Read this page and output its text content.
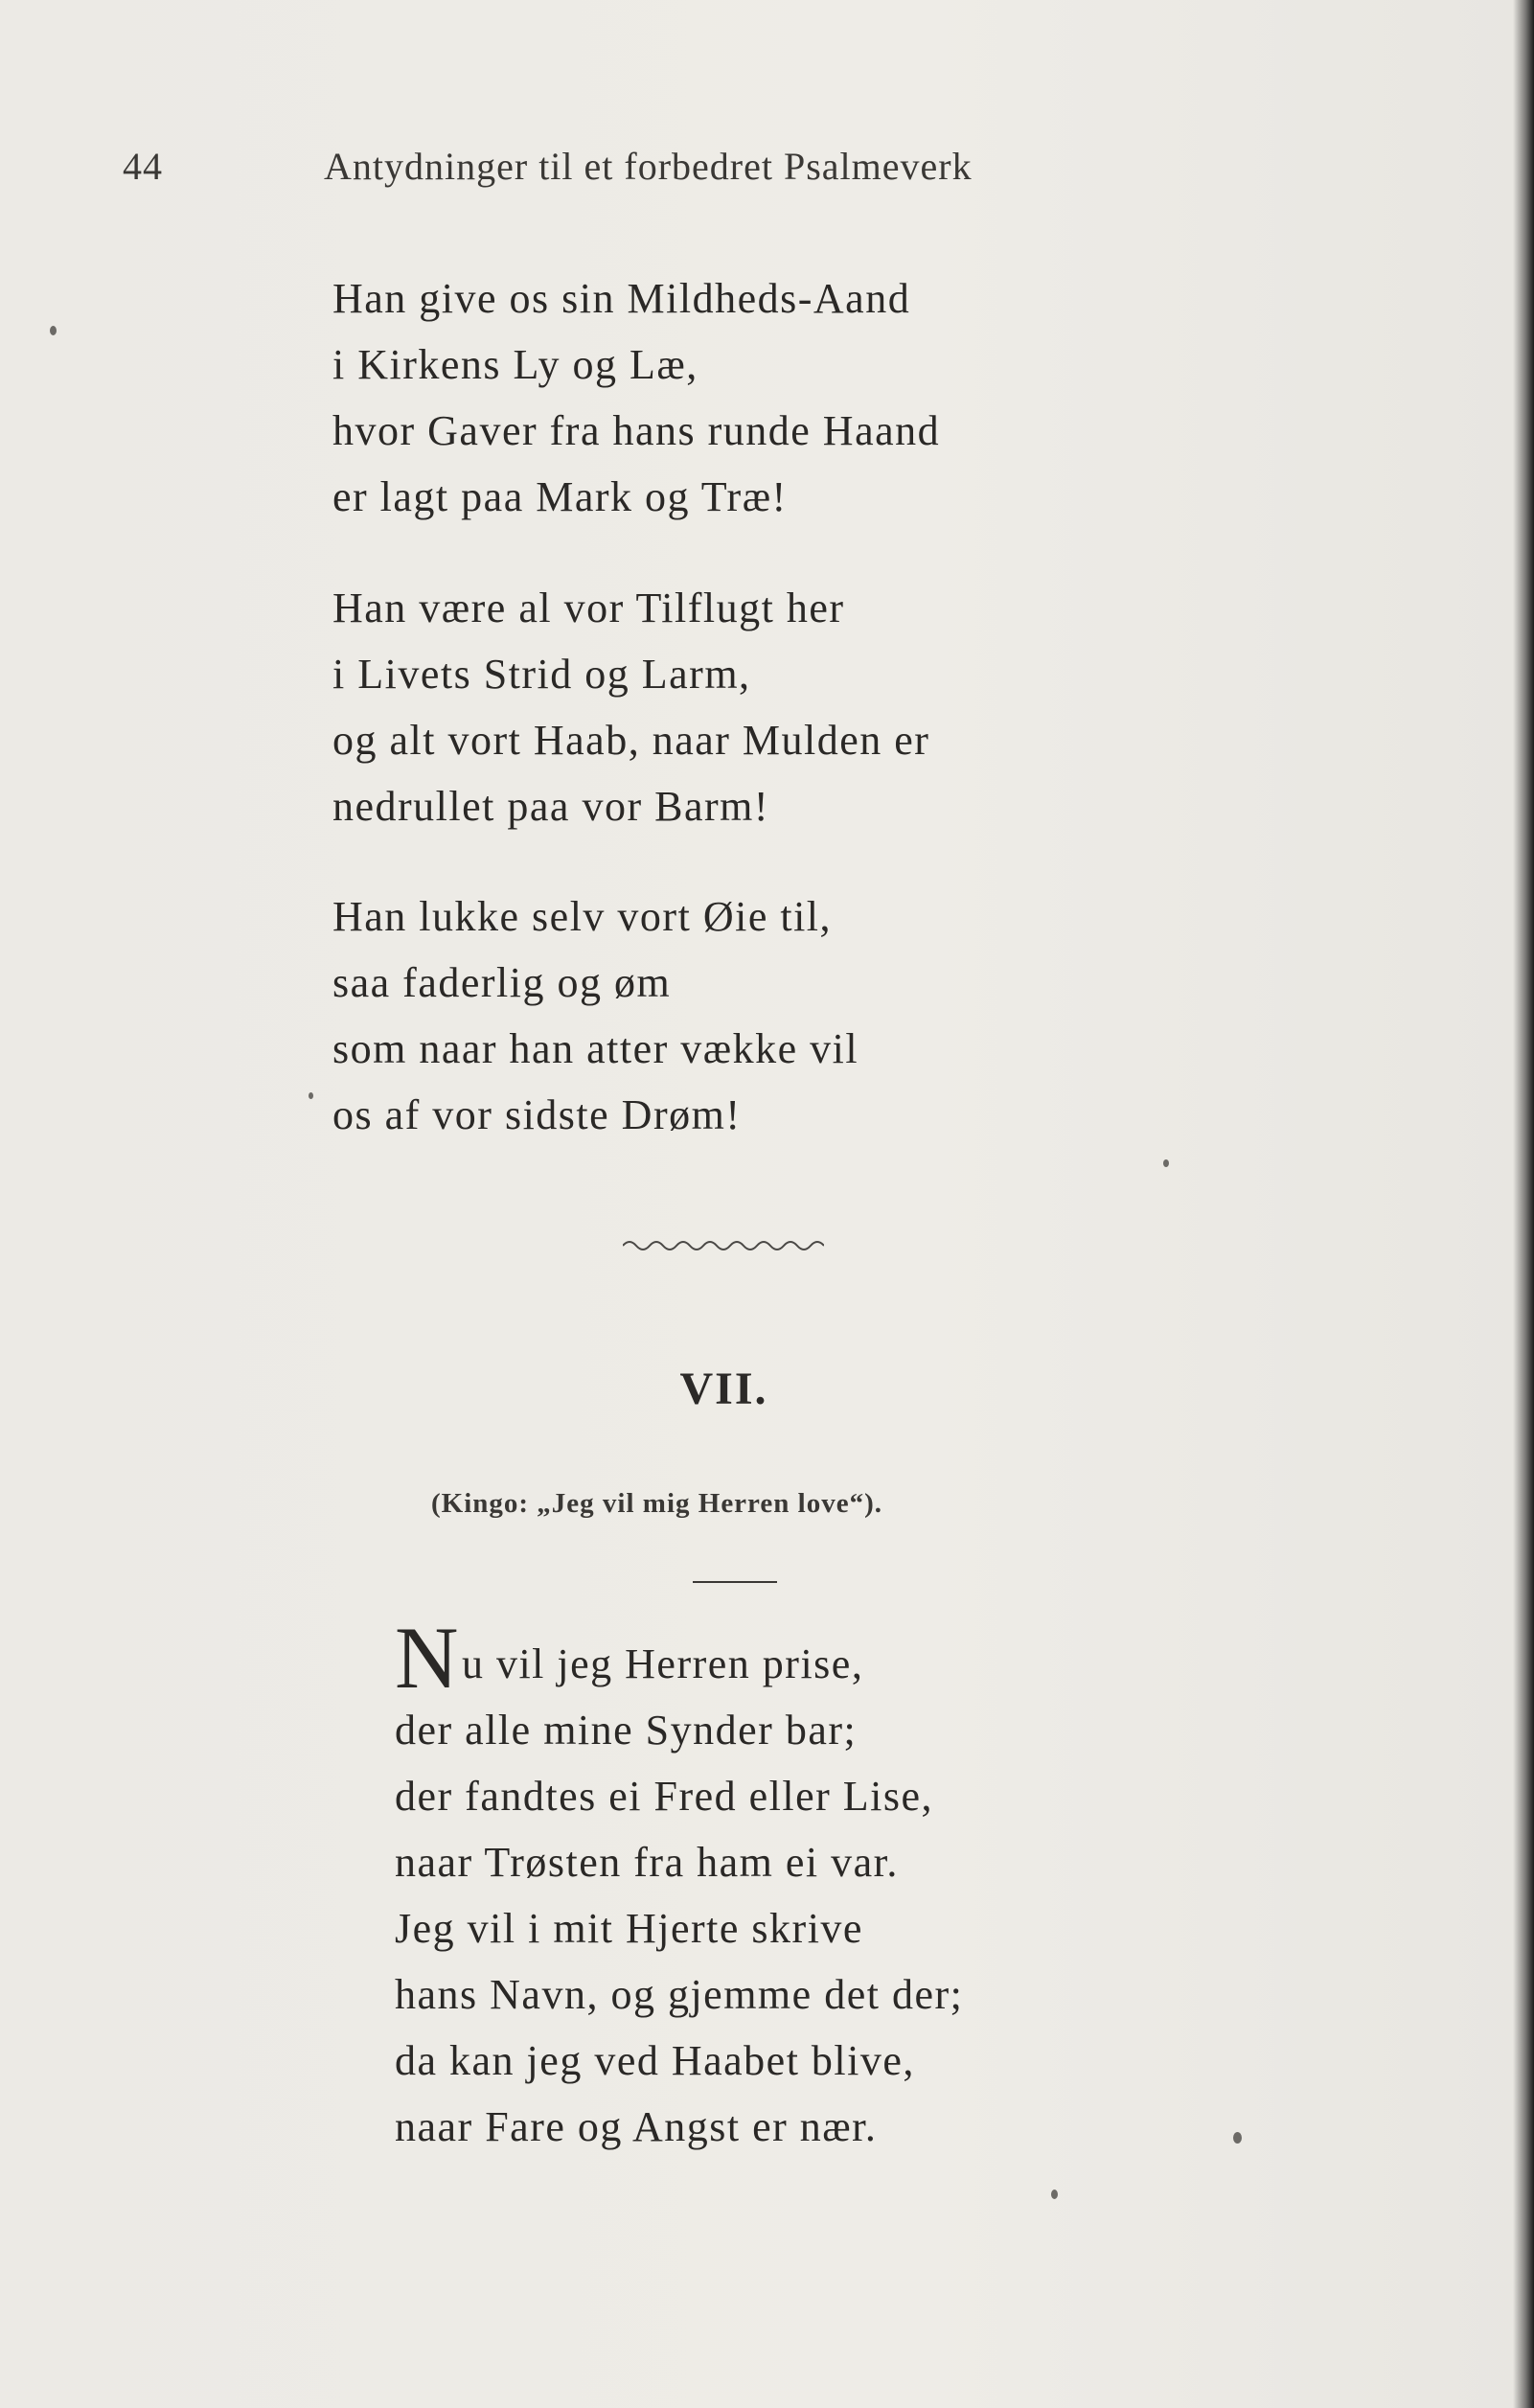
44	Antydninger til et forbedret Psalmeverk
Han give os sin Mildheds-Aand
i Kirkens Ly og Læ,
hvor Gaver fra hans runde Haand
er lagt paa Mark og Træ!
Han være al vor Tilflugt her
i Livets Strid og Larm,
og alt vort Haab, naar Mulden er
nedrullet paa vor Barm!
Han lukke selv vort Øie til,
saa faderlig og øm
som naar han atter vække vil
os af vor sidste Drøm!
VII.
(Kingo: „Jeg vil mig Herren love“).
Nu vil jeg Herren prise,
der alle mine Synder bar;
der fandtes ei Fred eller Lise,
naar Trøsten fra ham ei var.
Jeg vil i mit Hjerte skrive
hans Navn, og gjemme det der;
da kan jeg ved Haabet blive,
naar Fare og Angst er nær.
